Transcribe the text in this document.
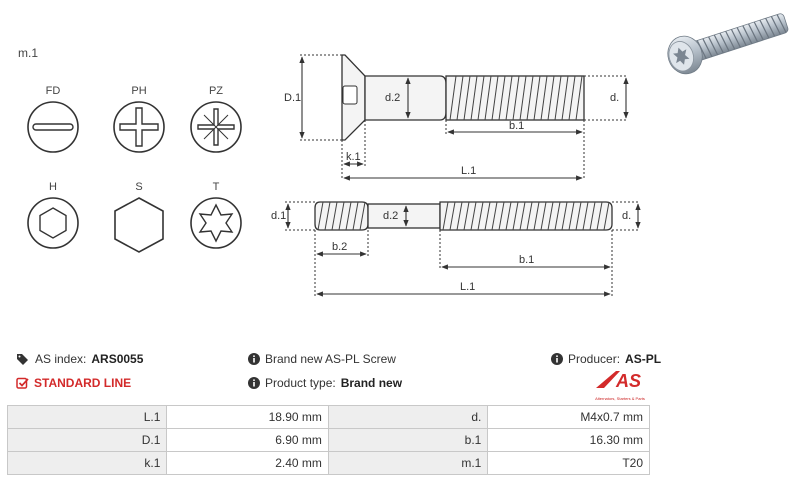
m.1
FD	PH	PZ
H	S	T
D.1	d.2	d.
b.1
k.1
L.1
d.1	d.2	d.
b.2
b.1
L.1
AS index: ARS0055	Brand new AS-PL Screw	Producer: AS-PL
STANDARD LINE	Product type: Brand new	AS
Alternators, Starters & Parts
L.1	18.90 mm	d.	M4x0.7 mm
D.1	6.90 mm	b.1	16.30 mm
k.1	2.40 mm	m.1	T20
